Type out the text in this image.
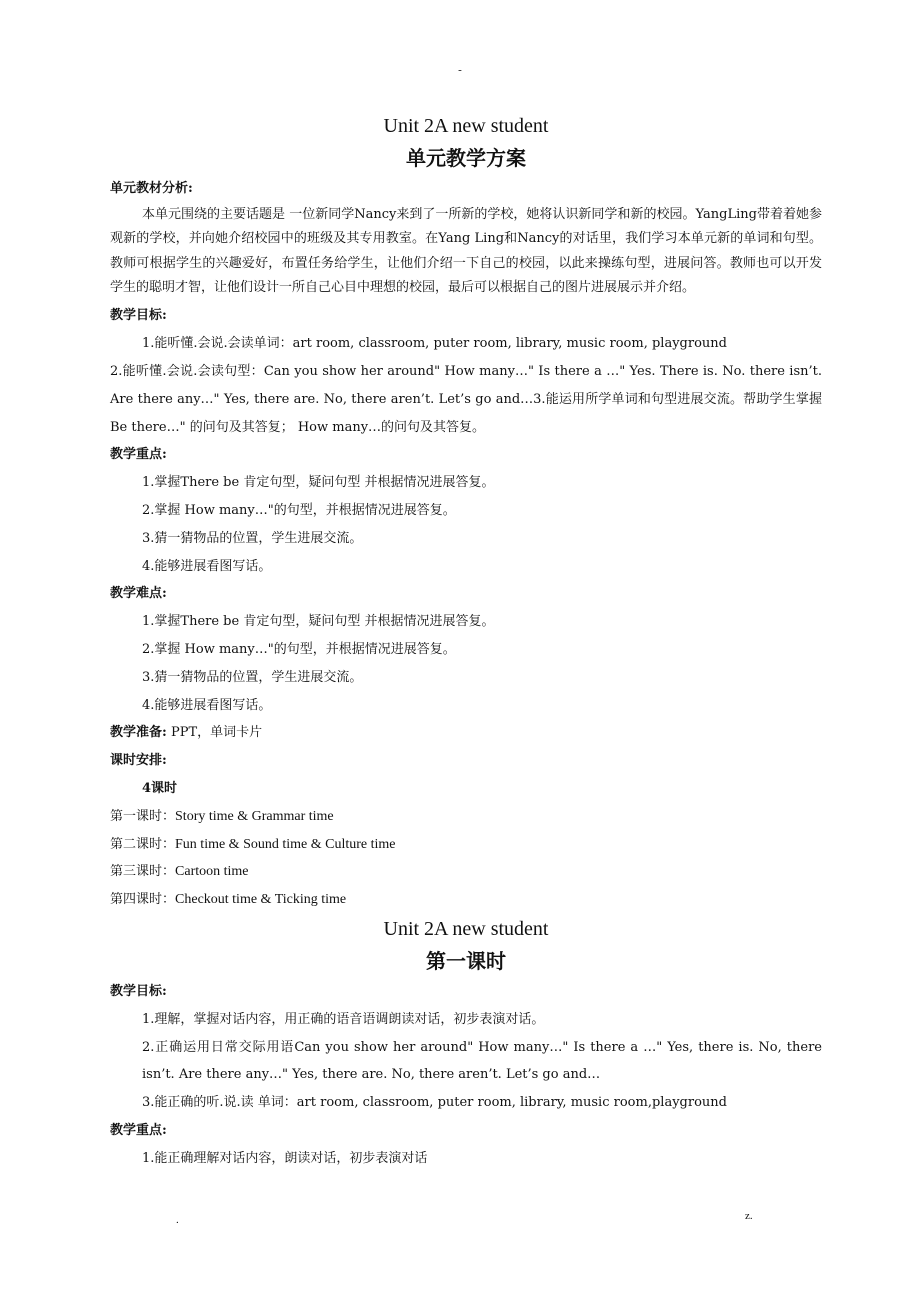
-
Unit 2A new student
单元教学方案
单元教材分析:
本单元围绕的主要话题是 一位新同学Nancy来到了一所新的学校，她将认识新同学和新的校园。YangLing带着着她参观新的学校，并向她介绍校园中的班级及其专用教室。在Yang Ling和Nancy的对话里，我们学习本单元新的单词和句型。教师可根据学生的兴趣爱好，布置任务给学生，让他们介绍一下自己的校园，以此来操练句型，进展问答。教师也可以开发学生的聪明才智，让他们设计一所自己心目中理想的校园，最后可以根据自己的图片进展展示并介绍。
教学目标:
1.能听懂.会说.会读单词：art room, classroom, puter room, library, music room, playground
2.能听懂.会说.会读句型：Can you show her around" How many…" Is there a …" Yes. There is. No. there isn’t. Are there any…" Yes, there are. No, there aren’t. Let’s go and…3.能运用所学单词和句型进展交流。帮助学生掌握Be there…" 的问句及其答复； How many…的问句及其答复。
教学重点:
1.掌握There be 肯定句型，疑问句型 并根据情况进展答复。
2.掌握 How many…"的句型，并根据情况进展答复。
3.猜一猜物品的位置，学生进展交流。
4.能够进展看图写话。
教学难点:
1.掌握There be 肯定句型，疑问句型 并根据情况进展答复。
2.掌握 How many…"的句型，并根据情况进展答复。
3.猜一猜物品的位置，学生进展交流。
4.能够进展看图写话。
教学准备: PPT，单词卡片
课时安排:
4课时
第一课时：Story time & Grammar time
第二课时：Fun time & Sound time & Culture time
第三课时：Cartoon time
第四课时：Checkout time & Ticking time
Unit 2A new student
第一课时
教学目标:
1.理解，掌握对话内容，用正确的语音语调朗读对话，初步表演对话。
2.正确运用日常交际用语Can you show her around" How many…" Is there a …" Yes, there is. No, there isn’t. Are there any…" Yes, there are. No, there aren’t. Let’s go and…
3.能正确的听.说.读 单词：art room, classroom, puter room, library, music room,playground
教学重点:
1.能正确理解对话内容，朗读对话，初步表演对话
.	z.
